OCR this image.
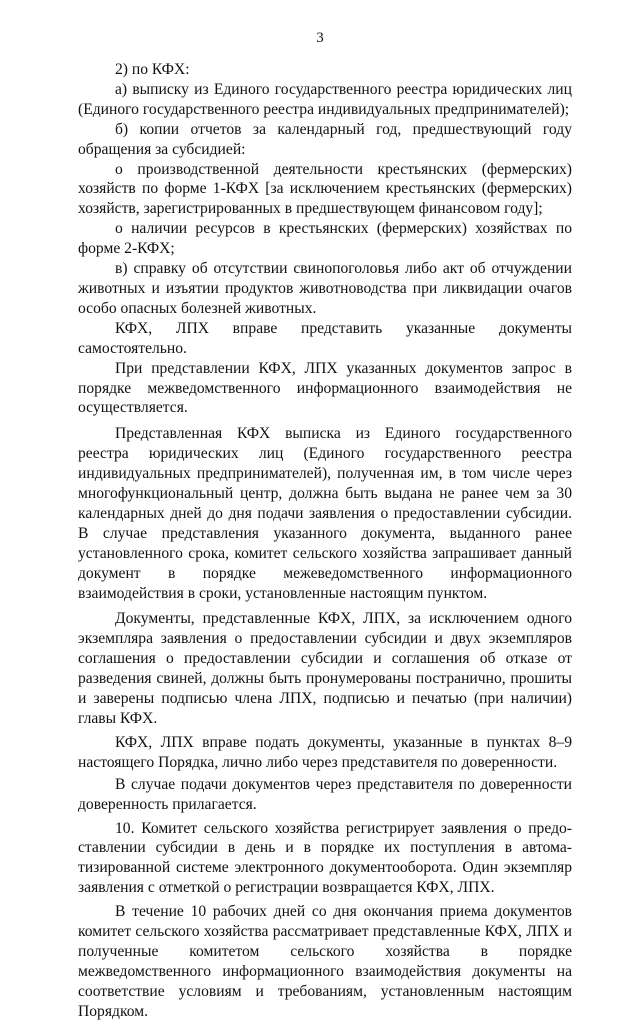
3

2) по КФХ:

а) выписку из Единого государственного реестра юридических лиц (Единого государственного реестра индивидуальных предпринимателей);

б) копии отчетов за календарный год, предшествующий году обращения за субсидией:

о производственной деятельности крестьянских (фермерских) хозяйств по форме 1-КФХ [за исключением крестьянских (фермерских) хозяйств, зарегистрированных в предшествующем финансовом году];

о наличии ресурсов в крестьянских (фермерских) хозяйствах по форме 2-КФХ;

в) справку об отсутствии свинопоголовья либо акт об отчуждении животных и изъятии продуктов животноводства при ликвидации очагов особо опасных болезней животных.

КФХ, ЛПХ вправе представить указанные документы самостоятельно.

При представлении КФХ, ЛПХ указанных документов запрос в порядке межведомственного информационного взаимодействия не осуществляется.

Представленная КФХ выписка из Единого государственного реестра юридических лиц (Единого государственного реестра индивидуальных предпринимателей), полученная им, в том числе через многофункциональный центр, должна быть выдана не ранее чем за 30 календарных дней до дня подачи заявления о предоставлении субсидии. В случае представления указанного документа, выданного ранее установленного срока, комитет сельского хозяйства запрашивает данный документ в порядке межеведомственного информационного взаимодействия в сроки, установленные настоящим пунктом.

Документы, представленные КФХ, ЛПХ, за исключением одного экземпляра заявления о предоставлении субсидии и двух экземпляров соглашения о предоставлении субсидии и соглашения об отказе от разведения свиней, должны быть пронумерованы постранично, прошиты и заверены подписью члена ЛПХ, подписью и печатью (при наличии) главы КФХ.

КФХ, ЛПХ вправе подать документы, указанные в пунктах 8–9 настоящего Порядка, лично либо через представителя по доверенности.

В случае подачи документов через представителя по доверенности доверенность прилагается.

10. Комитет сельского хозяйства регистрирует заявления о предоставлении субсидии в день и в порядке их поступления в автоматизированной системе электронного документооборота. Один экземпляр заявления с отметкой о регистрации возвращается КФХ, ЛПХ.

В течение 10 рабочих дней со дня окончания приема документов комитет сельского хозяйства рассматривает представленные КФХ, ЛПХ и полученные комитетом сельского хозяйства в порядке межведомственного информационного взаимодействия документы на соответствие условиям и требованиям, установленным настоящим Порядком.
